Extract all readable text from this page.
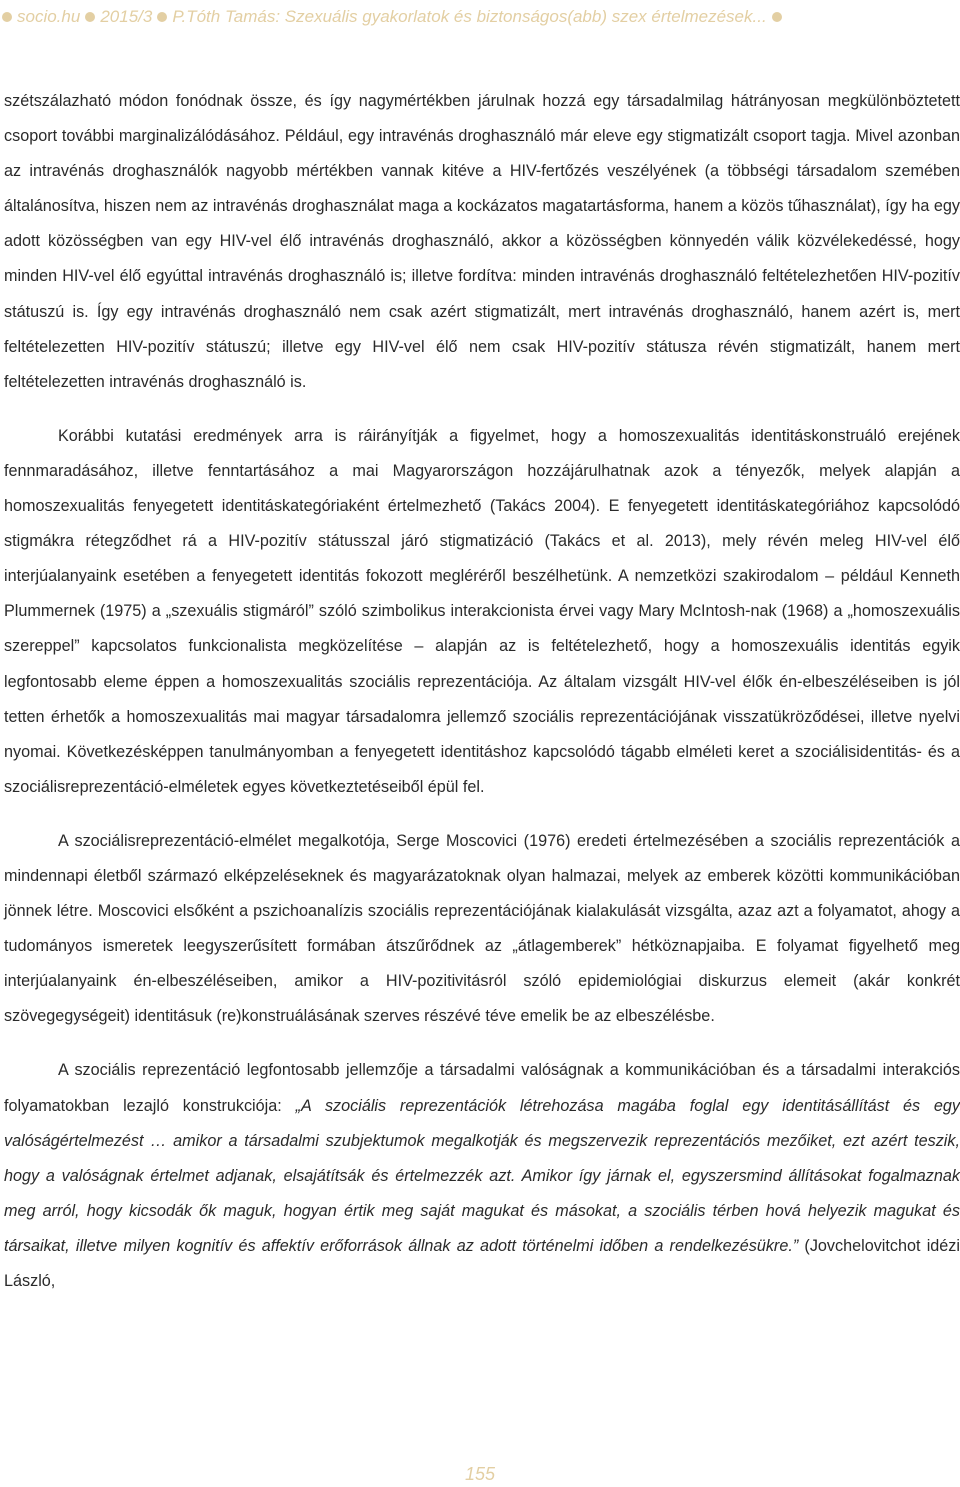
socio.hu 2015/3 P.Tóth Tamás: Szexuális gyakorlatok és biztonságos(abb) szex értelmezések...

szétszálazható módon fonódnak össze, és így nagymértékben járulnak hozzá egy társadalmilag hátrányosan megkülönböztetett csoport további marginalizálódásához. Például, egy intravénás droghasználó már eleve egy stigmatizált csoport tagja. Mivel azonban az intravénás droghasználók nagyobb mértékben vannak kitéve a HIV-fertőzés veszélyének (a többségi társadalom szemében általánosítva, hiszen nem az intravénás droghasználat maga a kockázatos magatartásforma, hanem a közös tűhasználat), így ha egy adott közösségben van egy HIV-vel élő intravénás droghasználó, akkor a közösségben könnyedén válik közvélekedéssé, hogy minden HIV-vel élő egyúttal intravénás droghasználó is; illetve fordítva: minden intravénás droghasználó feltételezhetően HIV-pozitív státuszú is. Így egy intravénás droghasználó nem csak azért stigmatizált, mert intravénás droghasználó, hanem azért is, mert feltételezetten HIV-pozitív státuszú; illetve egy HIV-vel élő nem csak HIV-pozitív státusza révén stigmatizált, hanem mert feltételezetten intravénás droghasználó is.

Korábbi kutatási eredmények arra is ráirányítják a figyelmet, hogy a homoszexualitás identitáskonstruáló erejének fennmaradásához, illetve fenntartásához a mai Magyarországon hozzájárulhatnak azok a tényezők, melyek alapján a homoszexualitás fenyegetett identitáskategóriaként értelmezhető (Takács 2004). E fenyegetett identitáskategóriához kapcsolódó stigmákra rétegződhet rá a HIV-pozitív státusszal járó stigmatizáció (Takács et al. 2013), mely révén meleg HIV-vel élő interjúalanyaink esetében a fenyegetett identitás fokozott megléréről beszélhetünk. A nemzetközi szakirodalom – például Kenneth Plummernek (1975) a „szexuális stigmáról” szóló szimbolikus interakcionista érvei vagy Mary McIntosh-nak (1968) a „homoszexuális szereppel” kapcsolatos funkcionalista megközelítése – alapján az is feltételezhető, hogy a homoszexuális identitás egyik legfontosabb eleme éppen a homoszexualitás szociális reprezentációja. Az általam vizsgált HIV-vel élők én-elbeszéléseiben is jól tetten érhetők a homoszexualitás mai magyar társadalomra jellemző szociális reprezentációjának visszatükröződései, illetve nyelvi nyomai. Következésképpen tanulmányomban a fenyegetett identitáshoz kapcsolódó tágabb elméleti keret a szociálisidentitás- és a szociálisreprezentáció-elméletek egyes következtetéseiből épül fel.

A szociálisreprezentáció-elmélet megalkotója, Serge Moscovici (1976) eredeti értelmezésében a szociális reprezentációk a mindennapi életből származó elképzeléseknek és magyarázatoknak olyan halmazai, melyek az emberek közötti kommunikációban jönnek létre. Moscovici elsőként a pszichoanalízis szociális reprezentációjának kialakulását vizsgálta, azaz azt a folyamatot, ahogy a tudományos ismeretek leegyszerűsített formában átszűrődnek az „átlagemberek” hétköznapjaiba. E folyamat figyelhető meg interjúalanyaink én-elbeszéléseiben, amikor a HIV-pozitivitásról szóló epidemiológiai diskurzus elemeit (akár konkrét szövegegységeit) identitásuk (re)konstruálásának szerves részévé téve emelik be az elbeszélésbe.

A szociális reprezentáció legfontosabb jellemzője a társadalmi valóságnak a kommunikációban és a társadalmi interakciós folyamatokban lezajló konstrukciója: „A szociális reprezentációk létrehozása magába foglal egy identitásállítást és egy valóságértelmezést … amikor a társadalmi szubjektumok megalkotják és megszervezik reprezentációs mezőiket, ezt azért teszik, hogy a valóságnak értelmet adjanak, elsajátítsák és értelmezzék azt. Amikor így járnak el, egyszersmind állításokat fogalmaznak meg arról, hogy kicsodák ők maguk, hogyan értik meg saját magukat és másokat, a szociális térben hová helyezik magukat és társaikat, illetve milyen kognitív és affektív erőforrások állnak az adott történelmi időben a rendelkezésükre.” (Jovchelovitchot idézi László,

155
